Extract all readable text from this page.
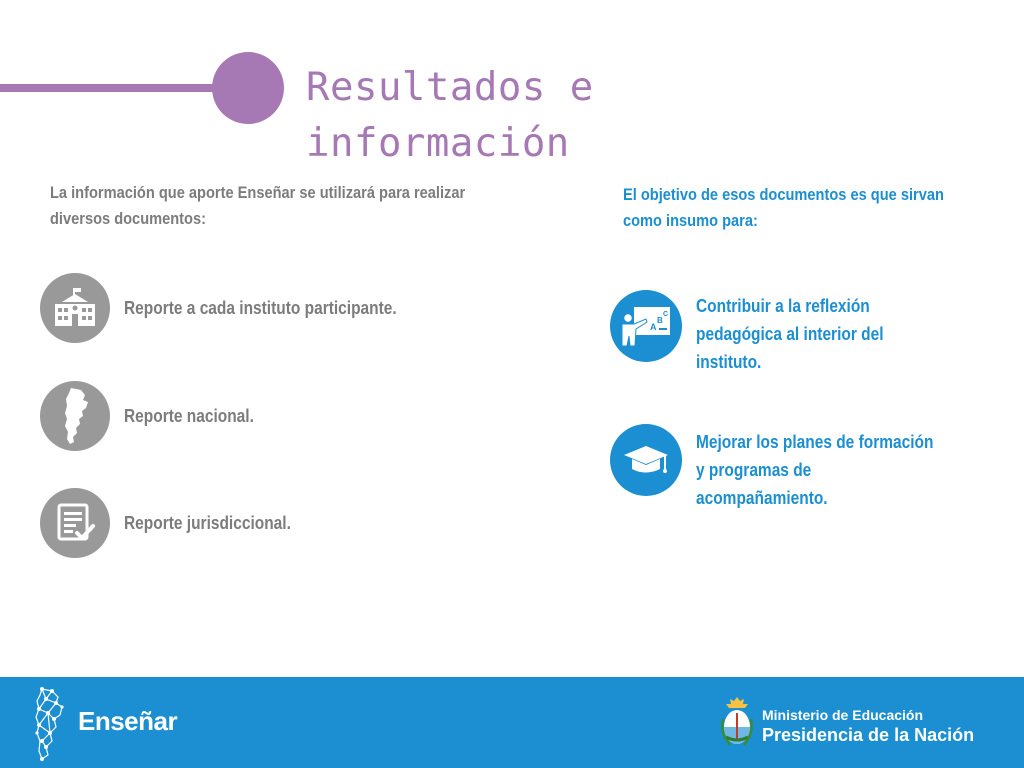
Resultados e
información
La información que aporte Enseñar se utilizará para realizar diversos documentos:
Reporte a cada instituto participante.
Reporte nacional.
Reporte jurisdiccional.
El objetivo de esos documentos es que sirvan como insumo para:
A
B
C Contribuir a la reflexión
pedagógica al interior del
instituto.
Mejorar los planes de formación
y programas de
acompañamiento.
Enseñar	Ministerio de Educación
Presidencia de la Nación
